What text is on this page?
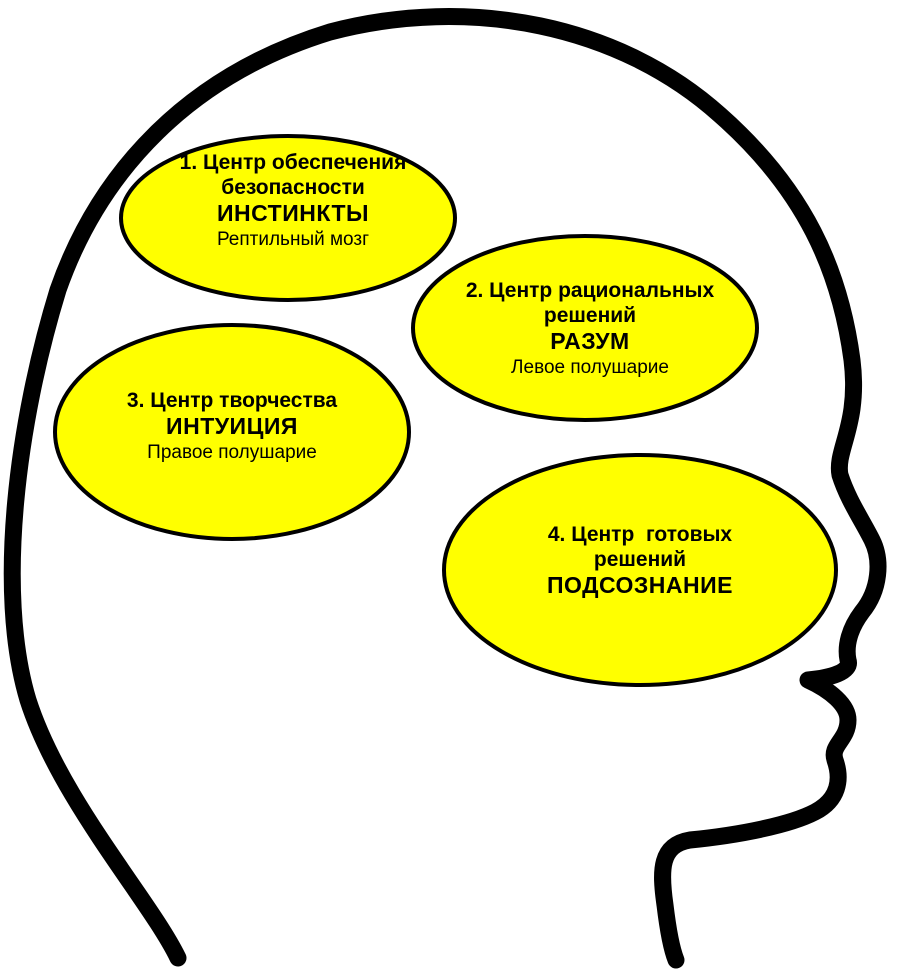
1. Центр обеспечения
безопасности
ИНСТИНКТЫ
Рептильный мозг
2. Центр рациональных
решений
РАЗУМ
Левое полушарие
3. Центр творчества
ИНТУИЦИЯ
Правое полушарие
4. Центр  готовых
решений
ПОДСОЗНАНИЕ
